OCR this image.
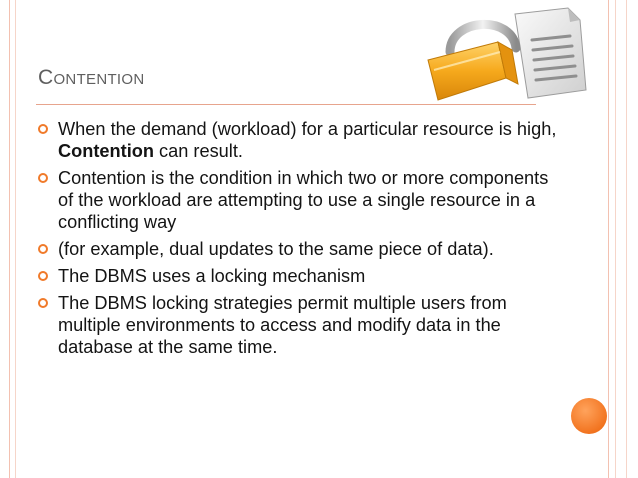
Contention
When the demand (workload) for a particular resource is high, Contention can result.
Contention is the condition in which two or more components of the workload are attempting to use a single resource in a conflicting way
(for example, dual updates to the same piece of data).
The DBMS uses a locking mechanism
The DBMS locking strategies permit multiple users from multiple environments to access and modify data in the database at the same time.
